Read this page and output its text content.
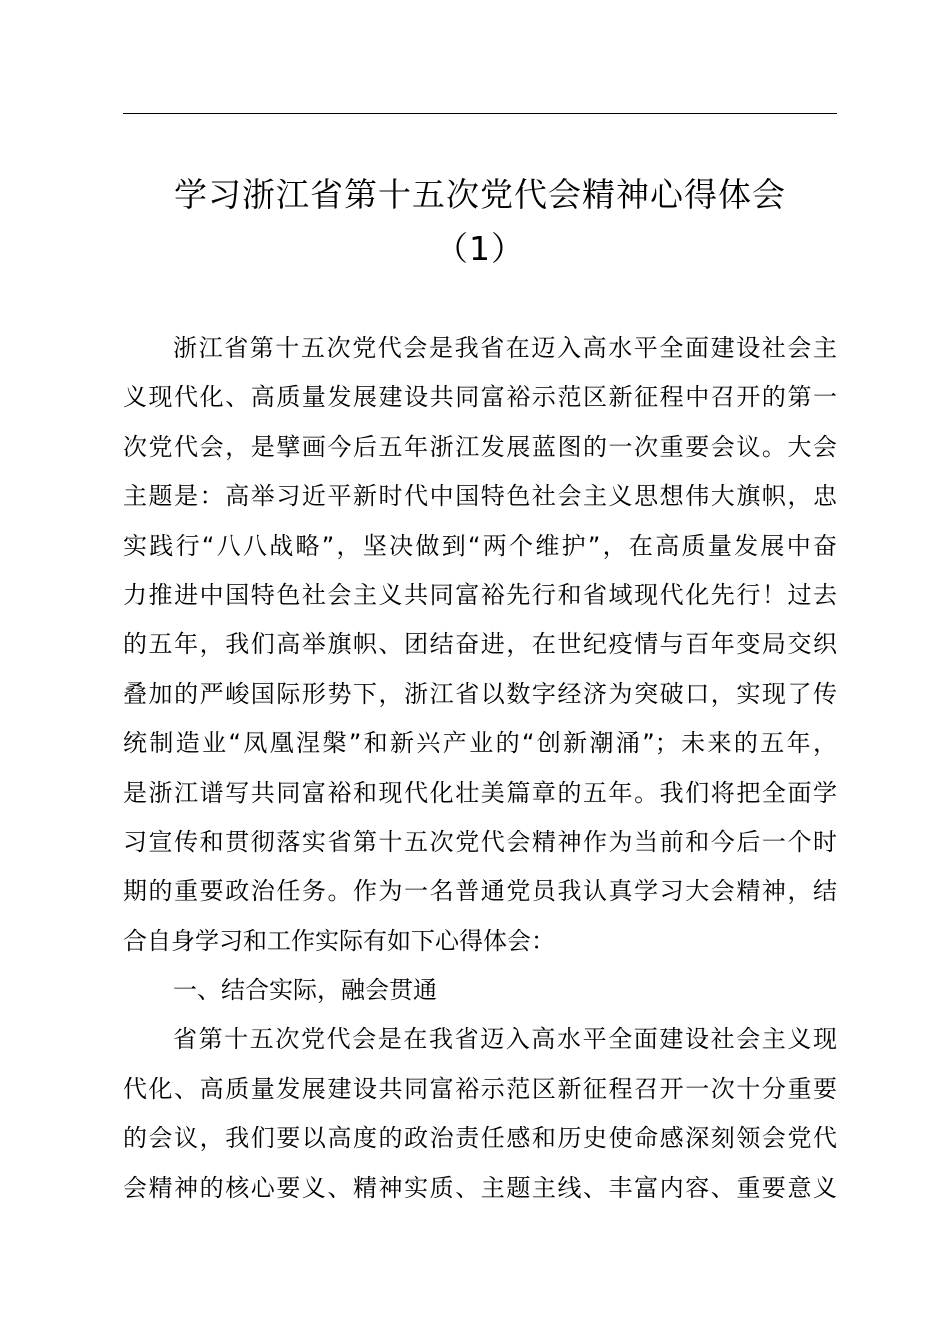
学习浙江省第十五次党代会精神心得体会
（1）
浙江省第十五次党代会是我省在迈入高水平全面建设社会主
义现代化、高质量发展建设共同富裕示范区新征程中召开的第一
次党代会，是擘画今后五年浙江发展蓝图的一次重要会议。大会
主题是：高举习近平新时代中国特色社会主义思想伟大旗帜，忠
实践行“八八战略”，坚决做到“两个维护”，在高质量发展中奋
力推进中国特色社会主义共同富裕先行和省域现代化先行！过去
的五年，我们高举旗帜、团结奋进，在世纪疫情与百年变局交织
叠加的严峻国际形势下，浙江省以数字经济为突破口，实现了传
统制造业“凤凰涅槃”和新兴产业的“创新潮涌”；未来的五年，
是浙江谱写共同富裕和现代化壮美篇章的五年。我们将把全面学
习宣传和贯彻落实省第十五次党代会精神作为当前和今后一个时
期的重要政治任务。作为一名普通党员我认真学习大会精神，结
合自身学习和工作实际有如下心得体会：
一、结合实际，融会贯通
省第十五次党代会是在我省迈入高水平全面建设社会主义现
代化、高质量发展建设共同富裕示范区新征程召开一次十分重要
的会议，我们要以高度的政治责任感和历史使命感深刻领会党代
会精神的核心要义、精神实质、主题主线、丰富内容、重要意义
